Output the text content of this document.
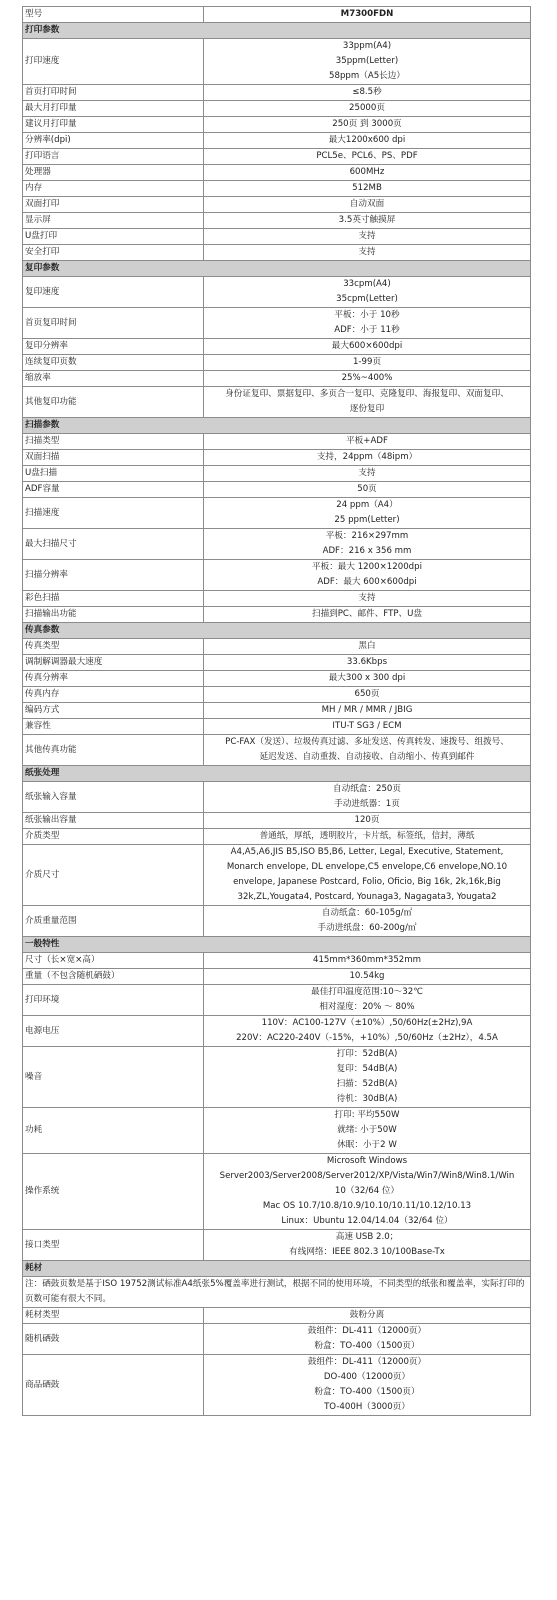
型号	M7300FDN
打印参数	
打印速度	33ppm(A4)
35ppm(Letter)
58ppm（A5长边）

首页打印时间	≤8.5秒

最大月打印量	25000页

建议月打印量	250页 到 3000页

分辨率(dpi)	最大1200x600 dpi

打印语言	PCL5e、PCL6、PS、PDF

处理器	600MHz

内存	512MB

双面打印	自动双面

显示屏	3.5英寸触摸屏

U盘打印	支持

安全打印	支持

复印参数	
复印速度	33cpm(A4)
35cpm(Letter)

首页复印时间	平板：小于 10秒
ADF：小于 11秒

复印分辨率	最大600×600dpi

连续复印页数	1-99页

缩放率	25%~400%

其他复印功能	身份证复印、票据复印、多页合一复印、克隆复印、海报复印、双面复印、
逐份复印

扫描参数	
扫描类型	平板+ADF

双面扫描	支持，24ppm（48ipm）

U盘扫描	支持

ADF容量	50页

扫描速度	24 ppm（A4）
25 ppm(Letter)

最大扫描尺寸	平板：216×297mm
ADF：216 x 356 mm

扫描分辨率	平板：最大 1200×1200dpi
ADF：最大 600×600dpi

彩色扫描	支持

扫描输出功能	扫描到PC、邮件、FTP、U盘

传真参数	
传真类型	黑白

调制解调器最大速度	33.6Kbps

传真分辨率	最大300 x 300 dpi

传真内存	650页

编码方式	MH / MR / MMR / JBIG

兼容性	ITU-T SG3 / ECM

其他传真功能	PC-FAX（发送）、垃圾传真过滤、多址发送、传真转发、速拨号、组拨号、
延迟发送、自动重拨、自动接收、自动缩小、传真到邮件

纸张处理	
纸张输入容量	自动纸盒：250页
手动进纸器：1页

纸张输出容量	120页

介质类型	普通纸，厚纸，透明胶片，卡片纸，标签纸，信封，薄纸

介质尺寸	A4,A5,A6,JIS B5,ISO B5,B6, Letter, Legal, Executive, Statement,
Monarch envelope, DL envelope,C5 envelope,C6 envelope,NO.10
envelope, Japanese Postcard, Folio, Oficio, Big 16k, 2k,16k,Big
32k,ZL,Yougata4, Postcard, Younaga3, Nagagata3, Yougata2

介质重量范围	自动纸盒：60-105g/㎡
手动进纸盘：60-200g/㎡

一般特性	
尺寸（长×宽×高）	415mm*360mm*352mm

重量（不包含随机硒鼓）	10.54kg

打印环境	最佳打印温度范围:10～32℃
相对湿度：20% ～ 80%

电源电压	110V：AC100-127V（±10%）,50/60Hz(±2Hz),9A
220V：AC220-240V（-15%，+10%）,50/60Hz（±2Hz），4.5A

噪音	打印：52dB(A)
复印：54dB(A)
扫描：52dB(A)
待机：30dB(A)

功耗	打印: 平均550W
就绪: 小于50W
休眠：小于2 W

操作系统	Microsoft Windows
Server2003/Server2008/Server2012/XP/Vista/Win7/Win8/Win8.1/Win
10（32/64 位）
Mac OS 10.7/10.8/10.9/10.10/10.11/10.12/10.13
Linux：Ubuntu 12.04/14.04（32/64 位）

接口类型	高速 USB 2.0；
有线网络：IEEE 802.3 10/100Base-Tx

耗材	
注：硒鼓页数是基于ISO 19752测试标准A4纸张5%覆盖率进行测试，根据不同的使用环境，不同类型的纸张和覆盖率，实际打印的页数可能有很大不同。	
耗材类型	鼓粉分离

随机硒鼓	鼓组件：DL-411（12000页）
粉盒：TO-400（1500页）

商品硒鼓	鼓组件：DL-411（12000页）
DO-400（12000页）
粉盒：TO-400（1500页）
TO-400H（3000页）
